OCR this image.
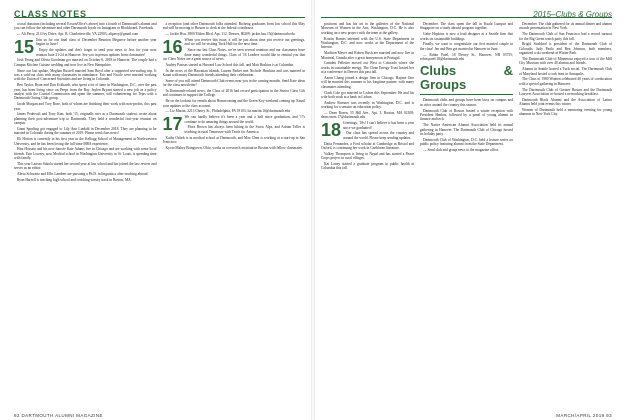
CLASS NOTES

a total donation (including several Exxon/Olive's above) into a fourth of Dartmouth's alumni and you can follow the adventure and other Dartmouth loyals on Instagram or Blackboard, Facebook.

— Ali Perry, 214 Ivy Drive, Apt. B, Charlottesville, VA 22903; aliperry@gmail.com

15 Join us for our final class of December Reunion Megaeve before another year begins in June!

Enjoy the updates and don't forget to send your news to Jess for your next reunion June 21-24 in Hanover. See you in person updates from classmates!

Josh Yeung and Olivia Goodman got married on October 6, 2018 in Hanover. The couple had a Campus Kitchen Cuisine wedding and now live in New Hampshire.

Since our last update, Meghan Russell married Sam Boyd after a supported sea-surfing trip. It was a sold-out class with many classmates in attendance. Eric and Nicole were married working with the Union of Concerned Scientists and are living in Colorado.

Ben Taylor, Ryan and Dan Eckhardt, who spent a lot of time in Washington, D.C. over the past year, has been living since on Peeps from the Bay. Jaylen Bryant started a new job as a policy analyst with the Coastal Commission and spent the summer, still volunteering for Tejas with a Dartmouth Outing Club group.

Jacob Morgan and Tory Rose, both of whom are finishing their work with non-profits, this past year.

James Pedersoli and Tony Kim, both '15, originally met as a Dartmouth student, wrote about planning their post-adventure trip to Dartmouth. They held a wonderful first-year reunion on campus.

Grant Sporling got engaged to Lily Ann Lindahl in December 2018. They are planning to be married in Colorado during the summer of 2019. Please send class news!

Eli Horton is currently in his first year in the Kellogg School of Management at Northwestern University, and he has been loving the full-time MBA experience.

Hira Hossain and his new fiancée Kate Adams live in Chicago and are working with some local friends. Erin Lowery, now Medical school in Washington University in St. Louis, is spending time with family.

This year Larissa Sokola started her second year at law school and has joined the law review and serves as an editor.

Alexa Schwartz and Ellis Lambert are pursuing a Ph.D. in linguistics after teaching abroad.

Ryan Harroll is teaching high school and coaching varsity track in Boston, MA.

a reception (and other Dartmouth folks attended. Bicheng graduates from law school this May and will be moving to Boston to clerk at the federal courthouse.

— Jackie Hsu, 3800 Tilden Blvd, Apt. 112, Denver, 80209; jackie.hsu.15@dartmouth.edu

16 When you receive this issue, it will be just about time you receive our greetings, and we will be visiting Tuck Hall for the next time.

Since our last Class Notes, we've seen several reunions and our classmates have done many wonderful things. Class of '16 Leaders would like to remind you that our Class Notes are a great source of news.

Audrey Fasisas started at Harvard Law School this fall, and Matt Haskins is at Columbia.

In the news of the Hawaiian islands, Lauren Parker met Nichole Hawkins and was married in Kauai with many Dartmouth friends attending their celebration.

Some of you will attend Dartmouth Club events near you in the coming months. Send Kate ideas for the class newsletter!

In Dartmouth-related news, the Class of 2016 had record participation in the Senior Class Gift and continues to support the College.

Be on the lookout for emails about Homecoming and the Green Key weekend coming up. Email your updates to the class account.

— Liz Martin, 2213 Cherry St., Philadelphia, PA 19103; liz.martin.16@dartmouth.edu

17 We can hardly believe it's been a year and a half since graduation, and '17s continue to do amazing things around the world.

Flora Brown has always been hiking in the Swiss Alps, and Adrian Teller is teaching in rural Tennessee with Teach for America.

Kathy Ozbek is in medical school at Dartmouth, and Max Chen is working at a start-up in San Francisco.

Kyoto Mahey Bringtown, Ohio, works as a research assistant in Boston with fellow classmates.

92 DARTMOUTH ALUMNI MAGAZINE
2015–Clubs & Groups

positions and has his art in the galleries of the National Museum of Women in the Arts, Washington, D.C. He is also working on a new project with the team at the gallery.

Kristin Barnes interned with the U.S. State Department in Washington, D.C. and now works at the Department of the Interior.

Madison Meyer and Robert Bush are married and now live in Montreal, Canada after a great honeymoon in Portugal.

Camden Pelletier moved out West to Colorado where she works in sustainable energy. The Clean Energy Trust hosted her at a conference in Denver this past fall.

Aaron Chang joined a design firm in Chicago. Hajime Ono will be married this summer to his longtime partner, with many classmates attending.

Clark Cole got married in Lisbon this September. He and his wife both work at a bank in Lisbon.

Andrew Roesner was recently in Washington, D.C. and is working for a senator on education policy.

— Dean Rosen, 55 Hill Ave., Apt. 3, Boston, MA 02108; dean.rosen.17@dartmouth.edu

18 Greetings, '18s! I can't believe it has been a year since we graduated!

Our class has spread across the country and around the world. Please keep sending updates.

Daria Fernandez, a Ford scholar at Cambridge in Bristol and Oxford, is continuing her work in Caribbean literature.

Valkey Thompson is living in Nepal and has started a Peace Corps project in rural villages.

Kai Loney started a graduate program in public health at Columbia this fall.

December. The class spent the fall in Kuala Lumpur and Singapore on a study abroad program together.

Gabe Hopkins is now a lead designer at a Seattle firm that works on sustainable buildings.

Finally, we want to congratulate our first married couple in the class! Jen and Ben got married in Hanover in June.

— Robin Patel, 18 Dewey St., Hanover, NH 03755; robin.patel.18@dartmouth.edu

Clubs & Groups

Dartmouth clubs and groups have been busy on campus and in cities around the country this season.

Dartmouth Club of Boston hosted a winter reception with President Hanlon, followed by a panel of young alumni in finance and tech.

The Native American Alumni Association held its annual gathering in Hanover. The Dartmouth Club of Chicago hosted its holiday party.

Dartmouth Club of Washington, D.C. held a lecture series on public policy featuring alumni from the State Department.

— Send club and group news to the magazine office.

December. The club gathered for its annual dinner and alumni awards presentation in New York.

The Dartmouth Club of San Francisco had a record turnout for the Big Green watch party this fall.

Brigid Stoddard is president of the Dartmouth Club of Colorado. Judy Paulo and Ben Johnson, both members, organized a ski weekend at Winter Park.

The Dartmouth Club of Minnesota enjoyed a tour of the Mill City Museum with over 40 alumni and friends.

Alumni in Seattle hosted a Tuck social. The Dartmouth Club of Maryland hosted a crab feast in Annapolis.

The Class of 1980 Women celebrated 40 years of coeducation with a special gathering in Hanover.

The Dartmouth Club of Greater Boston and the Dartmouth Lawyers Association co-hosted a networking breakfast.

Dartmouth Black Alumni and the Association of Latino Alumni held joint events this winter.

Women of Dartmouth held a mentoring evening for young alumnae in New York City.

MARCH/APRIL 2019 93
